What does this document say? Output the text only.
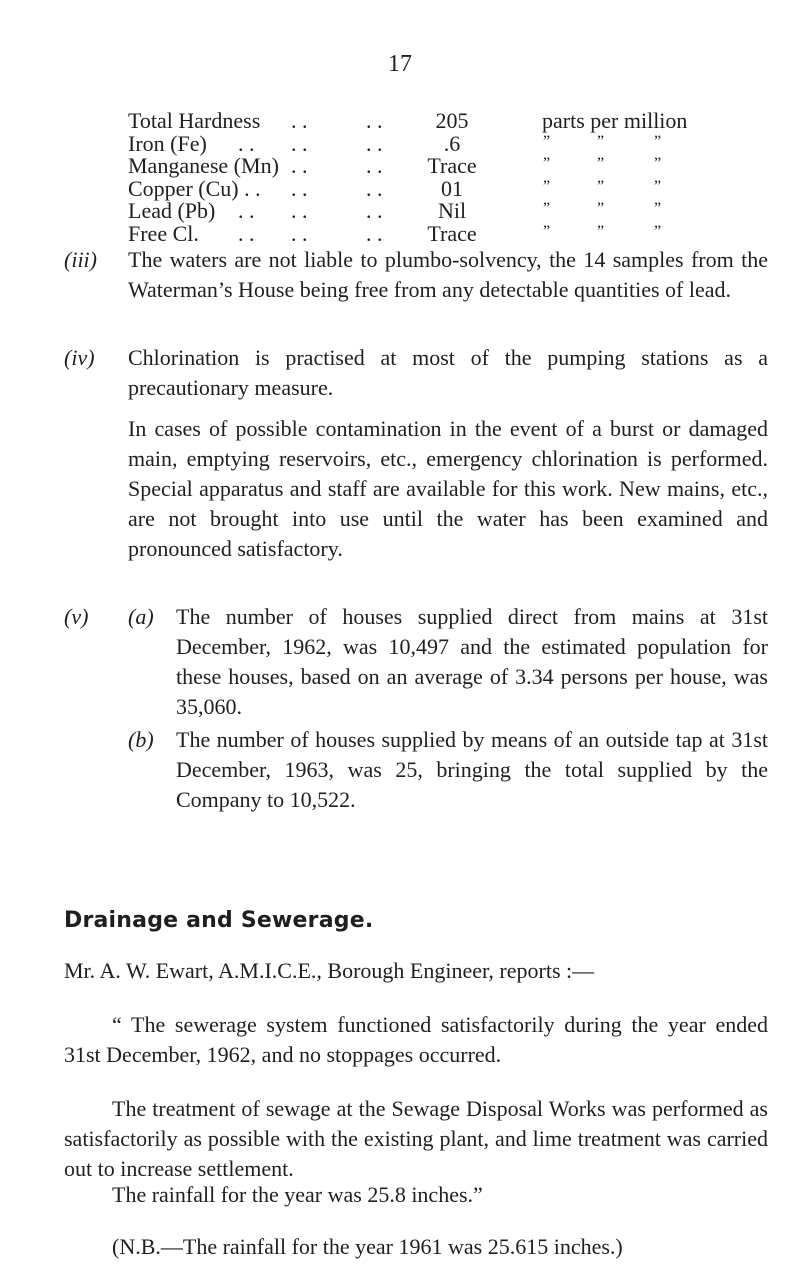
17
Total Hardness . .	. .	205	parts per million
Iron (Fe) . . . .	. .	.6	”	”	”
Manganese (Mn) . .	. .	Trace	”	”	”
Copper (Cu) . . . .	. .	01	”	”	”
Lead (Pb) . . . .	. .	Nil	”	”	”
Free Cl. . . . .	. .	Trace	”	”	”
(iii) The waters are not liable to plumbo-solvency, the 14 samples from the Waterman’s House being free from any detectable quantities of lead.
(iv) Chlorination is practised at most of the pumping stations as a precautionary measure.
In cases of possible contamination in the event of a burst or damaged main, emptying reservoirs, etc., emergency chlorination is performed. Special apparatus and staff are available for this work. New mains, etc., are not brought into use until the water has been examined and pronounced satisfactory.
(v) (a) The number of houses supplied direct from mains at 31st December, 1962, was 10,497 and the estimated population for these houses, based on an average of 3.34 persons per house, was 35,060.
(b) The number of houses supplied by means of an outside tap at 31st December, 1963, was 25, bringing the total supplied by the Company to 10,522.
Drainage and Sewerage.
Mr. A. W. Ewart, A.M.I.C.E., Borough Engineer, reports :—
“ The sewerage system functioned satisfactorily during the year ended 31st December, 1962, and no stoppages occurred.
The treatment of sewage at the Sewage Disposal Works was performed as satisfactorily as possible with the existing plant, and lime treatment was carried out to increase settlement.
The rainfall for the year was 25.8 inches.”
(N.B.—The rainfall for the year 1961 was 25.615 inches.)
